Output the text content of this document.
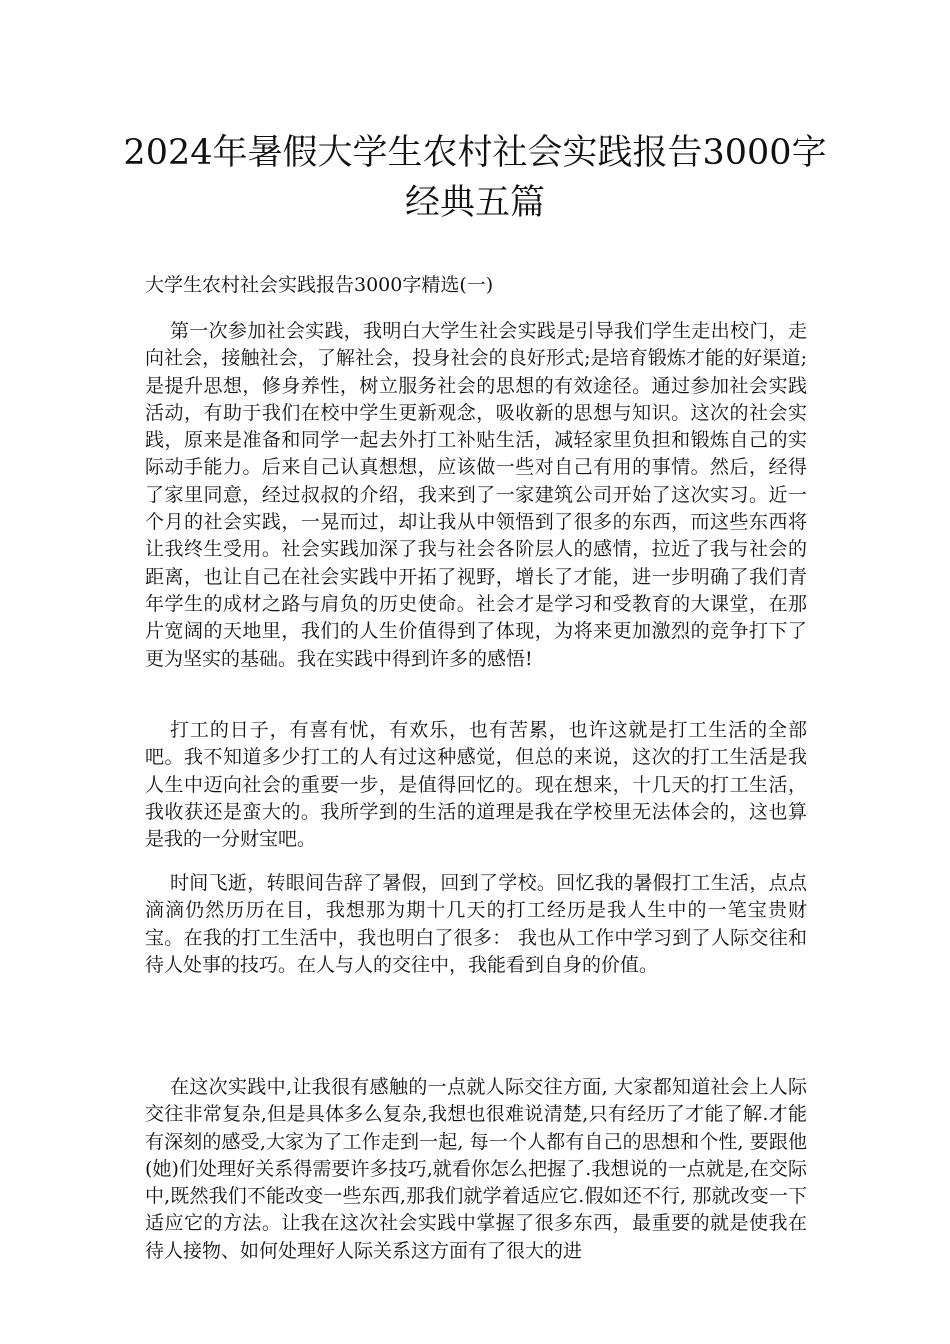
2024年暑假大学生农村社会实践报告3000字经典五篇

大学生农村社会实践报告3000字精选(一)

第一次参加社会实践，我明白大学生社会实践是引导我们学生走出校门，走向社会，接触社会，了解社会，投身社会的良好形式;是培育锻炼才能的好渠道;是提升思想，修身养性，树立服务社会的思想的有效途径。通过参加社会实践活动，有助于我们在校中学生更新观念，吸收新的思想与知识。这次的社会实践，原来是准备和同学一起去外打工补贴生活，减轻家里负担和锻炼自己的实际动手能力。后来自己认真想想，应该做一些对自己有用的事情。然后，经得了家里同意，经过叔叔的介绍，我来到了一家建筑公司开始了这次实习。近一个月的社会实践，一晃而过，却让我从中领悟到了很多的东西，而这些东西将让我终生受用。社会实践加深了我与社会各阶层人的感情，拉近了我与社会的距离，也让自己在社会实践中开拓了视野，增长了才能，进一步明确了我们青年学生的成材之路与肩负的历史使命。社会才是学习和受教育的大课堂，在那片宽阔的天地里，我们的人生价值得到了体现，为将来更加激烈的竞争打下了更为坚实的基础。我在实践中得到许多的感悟!

打工的日子，有喜有忧，有欢乐，也有苦累，也许这就是打工生活的全部吧。我不知道多少打工的人有过这种感觉，但总的来说，这次的打工生活是我人生中迈向社会的重要一步，是值得回忆的。现在想来，十几天的打工生活，我收获还是蛮大的。我所学到的生活的道理是我在学校里无法体会的，这也算是我的一分财宝吧。

时间飞逝，转眼间告辞了暑假，回到了学校。回忆我的暑假打工生活，点点滴滴仍然历历在目，我想那为期十几天的打工经历是我人生中的一笔宝贵财宝。在我的打工生活中，我也明白了很多： 我也从工作中学习到了人际交往和待人处事的技巧。在人与人的交往中，我能看到自身的价值。

在这次实践中,让我很有感触的一点就人际交往方面, 大家都知道社会上人际交往非常复杂,但是具体多么复杂,我想也很难说清楚,只有经历了才能了解.才能有深刻的感受,大家为了工作走到一起, 每一个人都有自己的思想和个性, 要跟他(她)们处理好关系得需要许多技巧,就看你怎么把握了.我想说的一点就是,在交际中,既然我们不能改变一些东西,那我们就学着适应它.假如还不行, 那就改变一下适应它的方法。让我在这次社会实践中掌握了很多东西，最重要的就是使我在待人接物、如何处理好人际关系这方面有了很大的进
